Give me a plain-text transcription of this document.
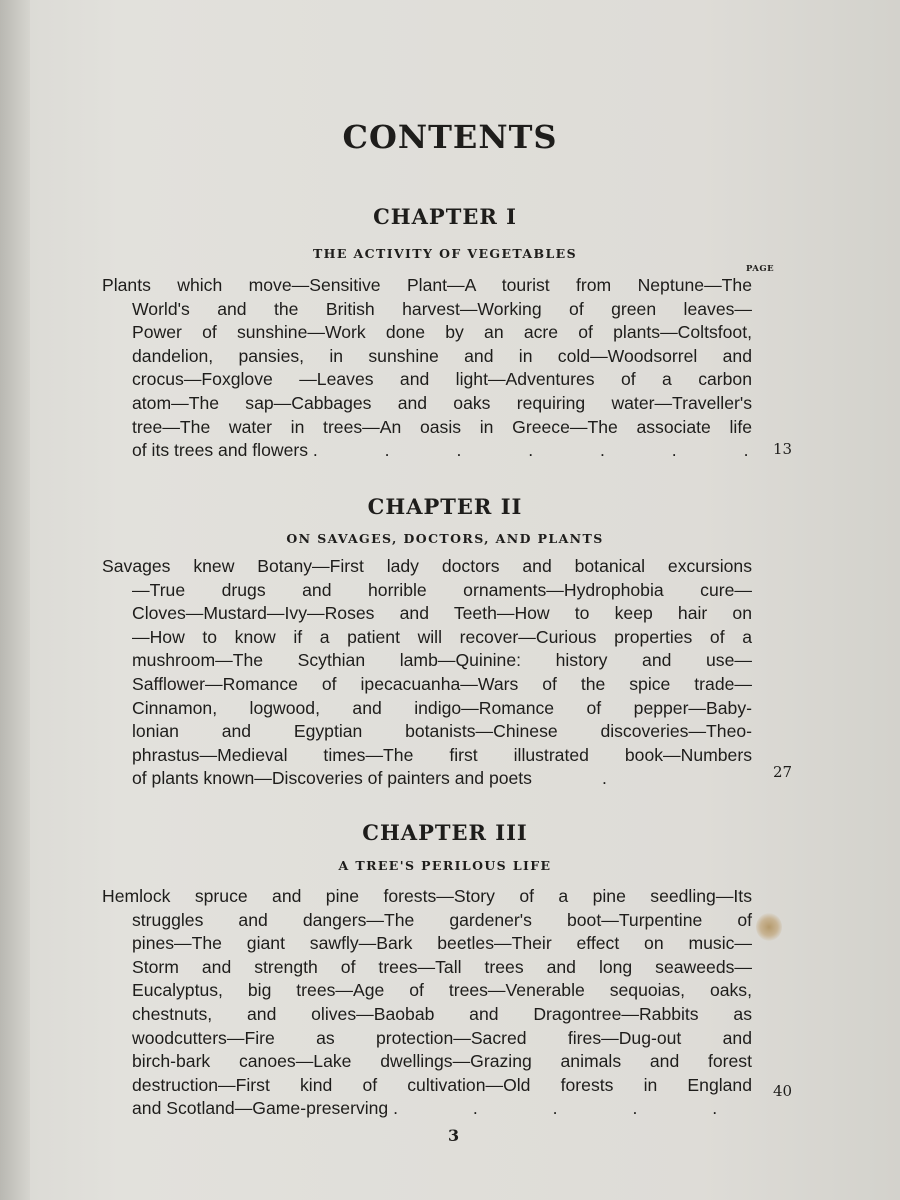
CONTENTS
CHAPTER I
THE ACTIVITY OF VEGETABLES
PAGE
Plants which move—Sensitive Plant—A tourist from Neptune—The
World's and the British harvest—Working of green leaves—
Power of sunshine—Work done by an acre of plants—Coltsfoot,
dandelion, pansies, in sunshine and in cold—Woodsorrel and
crocus—Foxglove —Leaves and light—Adventures of a carbon
atom—The sap—Cabbages and oaks requiring water—Traveller's
tree—The water in trees—An oasis in Greece—The associate life
of its trees and flowers . . . . . . . 13
CHAPTER II
ON SAVAGES, DOCTORS, AND PLANTS
Savages knew Botany—First lady doctors and botanical excursions
—True drugs and horrible ornaments—Hydrophobia cure—
Cloves—Mustard—Ivy—Roses and Teeth—How to keep hair on
—How to know if a patient will recover—Curious properties of a
mushroom—The Scythian lamb—Quinine: history and use—
Safflower—Romance of ipecacuanha—Wars of the spice trade—
Cinnamon, logwood, and indigo—Romance of pepper—Baby-
lonian and Egyptian botanists—Chinese discoveries—Theo-
phrastus—Medieval times—The first illustrated book—Numbers
of plants known—Discoveries of painters and poets	.	27
CHAPTER III
A TREE'S PERILOUS LIFE
Hemlock spruce and pine forests—Story of a pine seedling—Its
struggles and dangers—The gardener's boot—Turpentine of
pines—The giant sawfly—Bark beetles—Their effect on music—
Storm and strength of trees—Tall trees and long seaweeds—
Eucalyptus, big trees—Age of trees—Venerable sequoias, oaks,
chestnuts, and olives—Baobab and Dragontree—Rabbits as
woodcutters—Fire as protection—Sacred fires—Dug-out and
birch-bark canoes—Lake dwellings—Grazing animals and forest
destruction—First kind of cultivation—Old forests in England
and Scotland—Game-preserving . . . . .
40
3
